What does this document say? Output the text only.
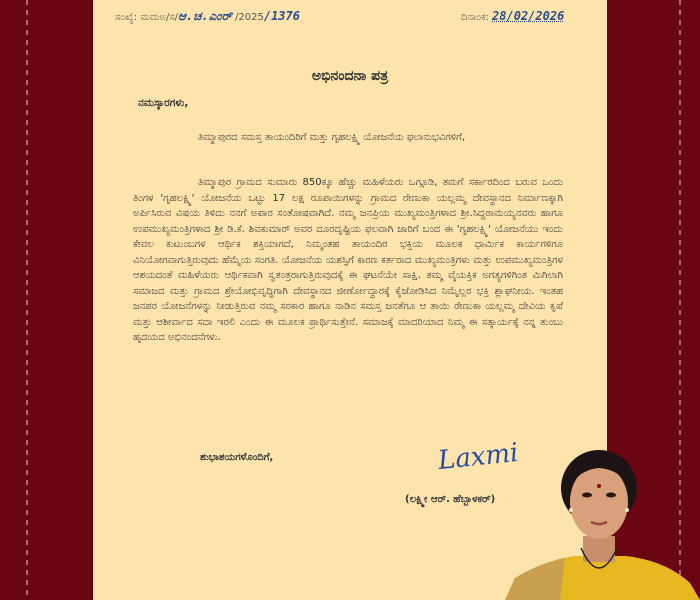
ಸಂಖ್ಯೆ: ಮಮಅ/ಸ/ಆ.ಚ.ಎಂರ್ /2025/1376	ದಿನಾಂಕ: 28/02/2026
ಅಭಿನಂದನಾ ಪತ್ರ
ನಮಸ್ಕಾರಗಳು,

ತಿಮ್ಮಾಪುರದ ಸಮಸ್ತ ತಾಯಂದಿರಿಗೆ ಮತ್ತು ಗೃಹಲಕ್ಷ್ಮಿ ಯೋಜನೆಯ ಫಲಾನುಭವಿಗಳಿಗೆ,

ತಿಮ್ಮಾಪುರ ಗ್ರಾಮದ ಸುಮಾರು 850ಕ್ಕೂ ಹೆಚ್ಚು ಮಹಿಳೆಯರು ಒಗ್ಗೂಡಿ, ತಮಗೆ ಸರ್ಕಾರದಿಂದ ಬರುವ ಒಂದು ತಿಂಗಳ 'ಗೃಹಲಕ್ಷ್ಮಿ' ಯೋಜನೆಯ ಒಟ್ಟು 17 ಲಕ್ಷ ರೂಪಾಯಿಗಳನ್ನು ಗ್ರಾಮದ ರೇಣುಕಾ ಯಲ್ಲಮ್ಮ ದೇವಸ್ಥಾನದ ನಿರ್ಮಾಣಕ್ಕಾಗಿ ಅರ್ಪಿಸಿರುವ ವಿಷಯ ತಿಳಿದು ನನಗೆ ಅಪಾರ ಸಂತೋಷವಾಗಿದೆ. ನಮ್ಮ ಜನಪ್ರಿಯ ಮುಖ್ಯಮಂತ್ರಿಗಳಾದ ಶ್ರೀ.ಸಿದ್ದರಾಮಯ್ಯನವರು ಹಾಗೂ ಉಪಮುಖ್ಯಮಂತ್ರಿಗಳಾದ ಶ್ರೀ ಡಿ.ಕೆ. ಶಿವಕುಮಾರ್ ಅವರ ದೂರದೃಷ್ಟಿಯ ಫಲವಾಗಿ ಜಾರಿಗೆ ಬಂದ ಈ 'ಗೃಹಲಕ್ಷ್ಮಿ' ಯೋಜನೆಯು ಇಂದು ಕೇವಲ ಕುಟುಂಬಗಳ ಆರ್ಥಿಕ ಶಕ್ತಿಯಾಗದೆ, ನಿಮ್ಮಂತಹ ತಾಯಂದಿರ ಭಕ್ತಿಯ ಮೂಲಕ ಧಾರ್ಮಿಕ ಕಾರ್ಯಗಳಿಗೂ ವಿನಿಯೋಗವಾಗುತ್ತಿರುವುದು ಹೆಮ್ಮೆಯ ಸಂಗತಿ. ಯೋಜನೆಯ ಯಶಸ್ಸಿಗೆ ಕಾರಣ ಕರ್ತರಾದ ಮುಖ್ಯಮಂತ್ರಿಗಳು ಮತ್ತು ಉಪಮುಖ್ಯಮಂತ್ರಿಗಳ ಆಶಯದಂತೆ ಮಹಿಳೆಯರು ಆರ್ಥಿಕವಾಗಿ ಸ್ವತಂತ್ರರಾಗುತ್ತಿರುವುದಕ್ಕೆ ಈ ಘಟನೆಯೇ ಸಾಕ್ಷಿ. ತಮ್ಮ ವೈಯಕ್ತಿಕ ಅಗತ್ಯಗಳಿಗಿಂತ ಮಿಗಿಲಾಗಿ ಸಮಾಜದ ಮತ್ತು ಗ್ರಾಮದ ಶ್ರೇಯೋಭಿವೃದ್ಧಿಗಾಗಿ ದೇವಸ್ಥಾನದ ಜೀರ್ಣೋದ್ಧಾರಕ್ಕೆ ಕೈಜೋಡಿಸಿದ ನಿಮ್ಮೆಲ್ಲರ ಭಕ್ತಿ ಶ್ಲಾಘನೀಯ. ಇಂತಹ ಜನಪರ ಯೋಜನೆಗಳನ್ನು ನೀಡುತ್ತಿರುವ ನಮ್ಮ ಸರಕಾರ ಹಾಗೂ ನಾಡಿನ ಸಮಸ್ತ ಜನತೆಗೂ ಆ ತಾಯಿ ರೇಣುಕಾ ಯಲ್ಲಮ್ಮ ದೇವಿಯ ಕೃಪೆ ಮತ್ತು ಆಶೀರ್ವಾದ ಸದಾ ಇರಲಿ ಎಂದು ಈ ಮೂಲಕ ಪ್ರಾರ್ಥಿಸುತ್ತೇನೆ. ಸಮಾಜಕ್ಕೆ ಮಾದರಿಯಾದ ನಿಮ್ಮ ಈ ಸತ್ಕಾರ್ಯಕ್ಕೆ ನನ್ನ ತುಂಬು ಹೃದಯದ ಅಭಿನಂದನೆಗಳು.

ಶುಭಾಶಯಗಳೊಂದಿಗೆ,	Laxmi
(ಲಕ್ಷ್ಮೀ ಆರ್. ಹೆಬ್ಬಾಳಕರ್)
